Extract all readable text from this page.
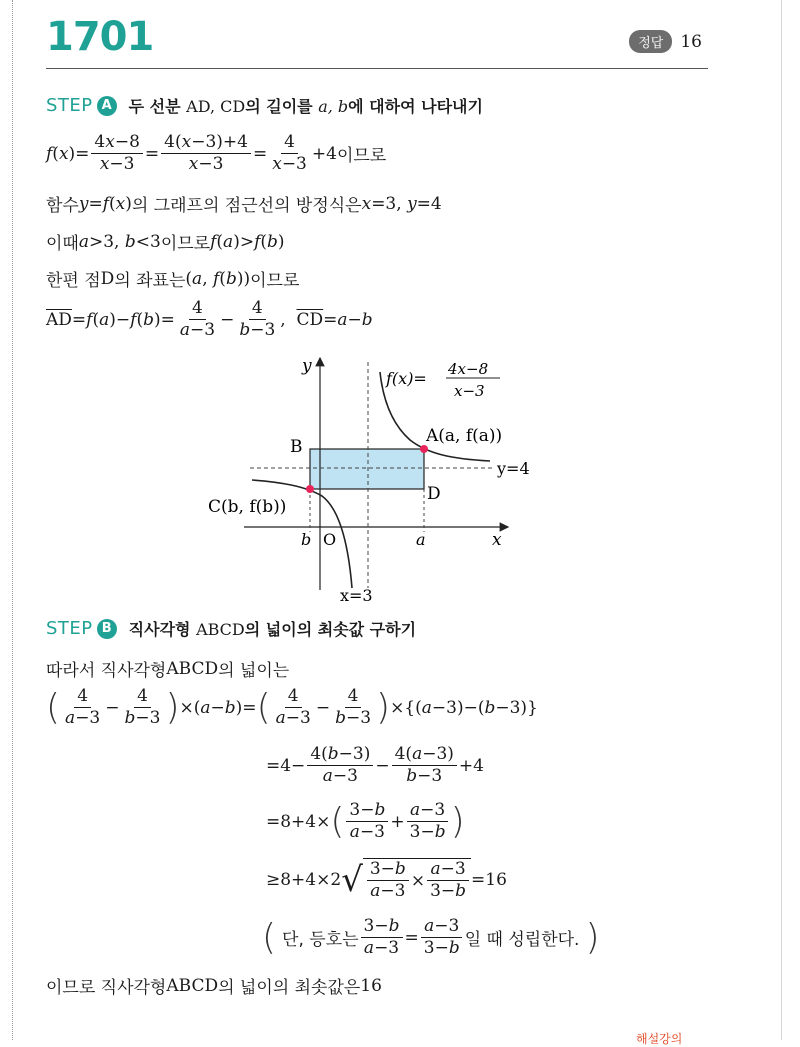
1701	정답	16
STEP A	두 선분 AD, CD의 길이를 a, b에 대하여 나타내기
f ( x )= $\frac{4x-8}{x-3} = \frac{4(x-3)+4}{x-3} = \frac{4}{x-3} +4$ 이므로
함수 y = f ( x ) 의 그래프의 점근선의 방정식은 x =3, y =4
이때 a >3, b <3 이므로 f ( a )> f ( b )
한편 점 D 의 좌표는 ( a , f ( b )) 이므로
$\overline{AD} = f$ ( a )− f ( b )= $\frac{4}{a-3} - \frac{4}{b-3}$ , $\overline{CD} = a - b$
y
x
O
b	a
B
A(a, f(a))
C(b, f(b))
D
y=4
x=3
f(x)= 4x−8
x−3
STEP B	직사각형 ABCD의 넓이의 최솟값 구하기
따라서 직사각형 ABCD 의 넓이는
( $\frac{4}{a-3} - \frac{4}{b-3}$ ) ×( a − b )= ( $\frac{4}{a-3} - \frac{4}{b-3}$ ) ×{( a −3)−( b −3)}
$=4- \frac{4(b-3)}{a-3} - \frac{4(a-3)}{b-3} +4$
=8+4× ( $\frac{3-b}{a-3} + \frac{a-3}{3-b}$ )
≥8+4×2 √ $\frac{3-b}{a-3} \times \frac{a-3}{3-b} =16$
( 단, 등호는 $\frac{3-b}{a-3} = \frac{a-3}{3-b}$ 일 때 성립한다. )
이므로 직사각형 ABCD 의 넓이의 최솟값은 16
해설강의
